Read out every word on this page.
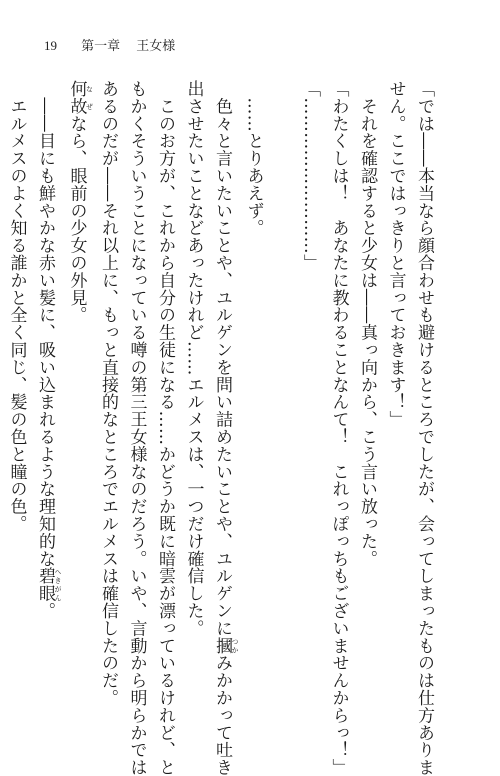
19 第一章 王女様

「では――本当なら顔合わせも避けるところでしたが、会ってしまったものは仕方ありま

せん。ここではっきりと言っておきます！」

　それを確認すると少女は――真っ向から、こう言い放った。

「わたくしは！　あなたに教わることなんて！　これっぽっちもございませんからっ！」

「………………………」

　……とりあえず。

　色々と言いたいことや、ユルゲンを問い詰めたいことや、ユルゲンに摑 つかみかかって吐き

出させたいことなどあったけれど……エルメスは、一つだけ確信した。

　このお方が、これから自分の生徒になる……かどうか既に暗雲が漂っているけれど、と

もかくそういうことになっている噂の第三王女様なのだろう。いや、言動から明らかでは

あるのだが――それ以上に、もっと直接的なところでエルメスは確信したのだ。

何故 なぜなら、眼前の少女の外見。

　――目にも鮮やかな赤い髪に、吸い込まれるような理知的な碧眼 へきがん。

　エルメスのよく知る誰かと全く同じ、髪の色と瞳の色。
